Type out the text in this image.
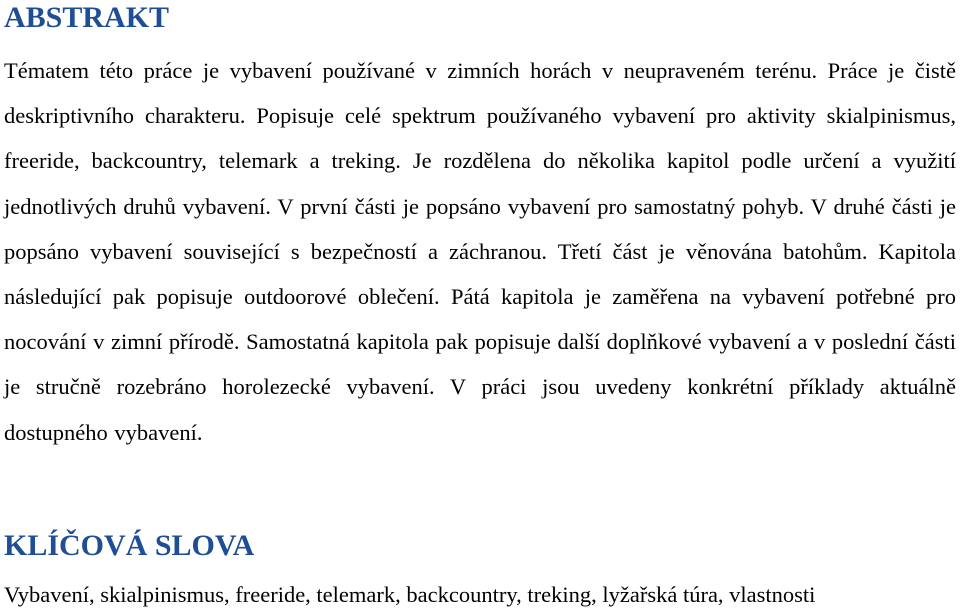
ABSTRAKT

Tématem této práce je vybavení používané v zimních horách v neupraveném terénu. Práce je čistě deskriptivního charakteru. Popisuje celé spektrum používaného vybavení pro aktivity skialpinismus, freeride, backcountry, telemark a treking. Je rozdělena do několika kapitol podle určení a využití jednotlivých druhů vybavení. V první části je popsáno vybavení pro samostatný pohyb. V druhé části je popsáno vybavení související s bezpečností a záchranou. Třetí část je věnována batohům. Kapitola následující pak popisuje outdoorové oblečení. Pátá kapitola je zaměřena na vybavení potřebné pro nocování v zimní přírodě. Samostatná kapitola pak popisuje další doplňkové vybavení a v poslední části je stručně rozebráno horolezecké vybavení. V práci jsou uvedeny konkrétní příklady aktuálně dostupného vybavení.

KLÍČOVÁ SLOVA

Vybavení, skialpinismus, freeride, telemark, backcountry, treking, lyžařská túra, vlastnosti
